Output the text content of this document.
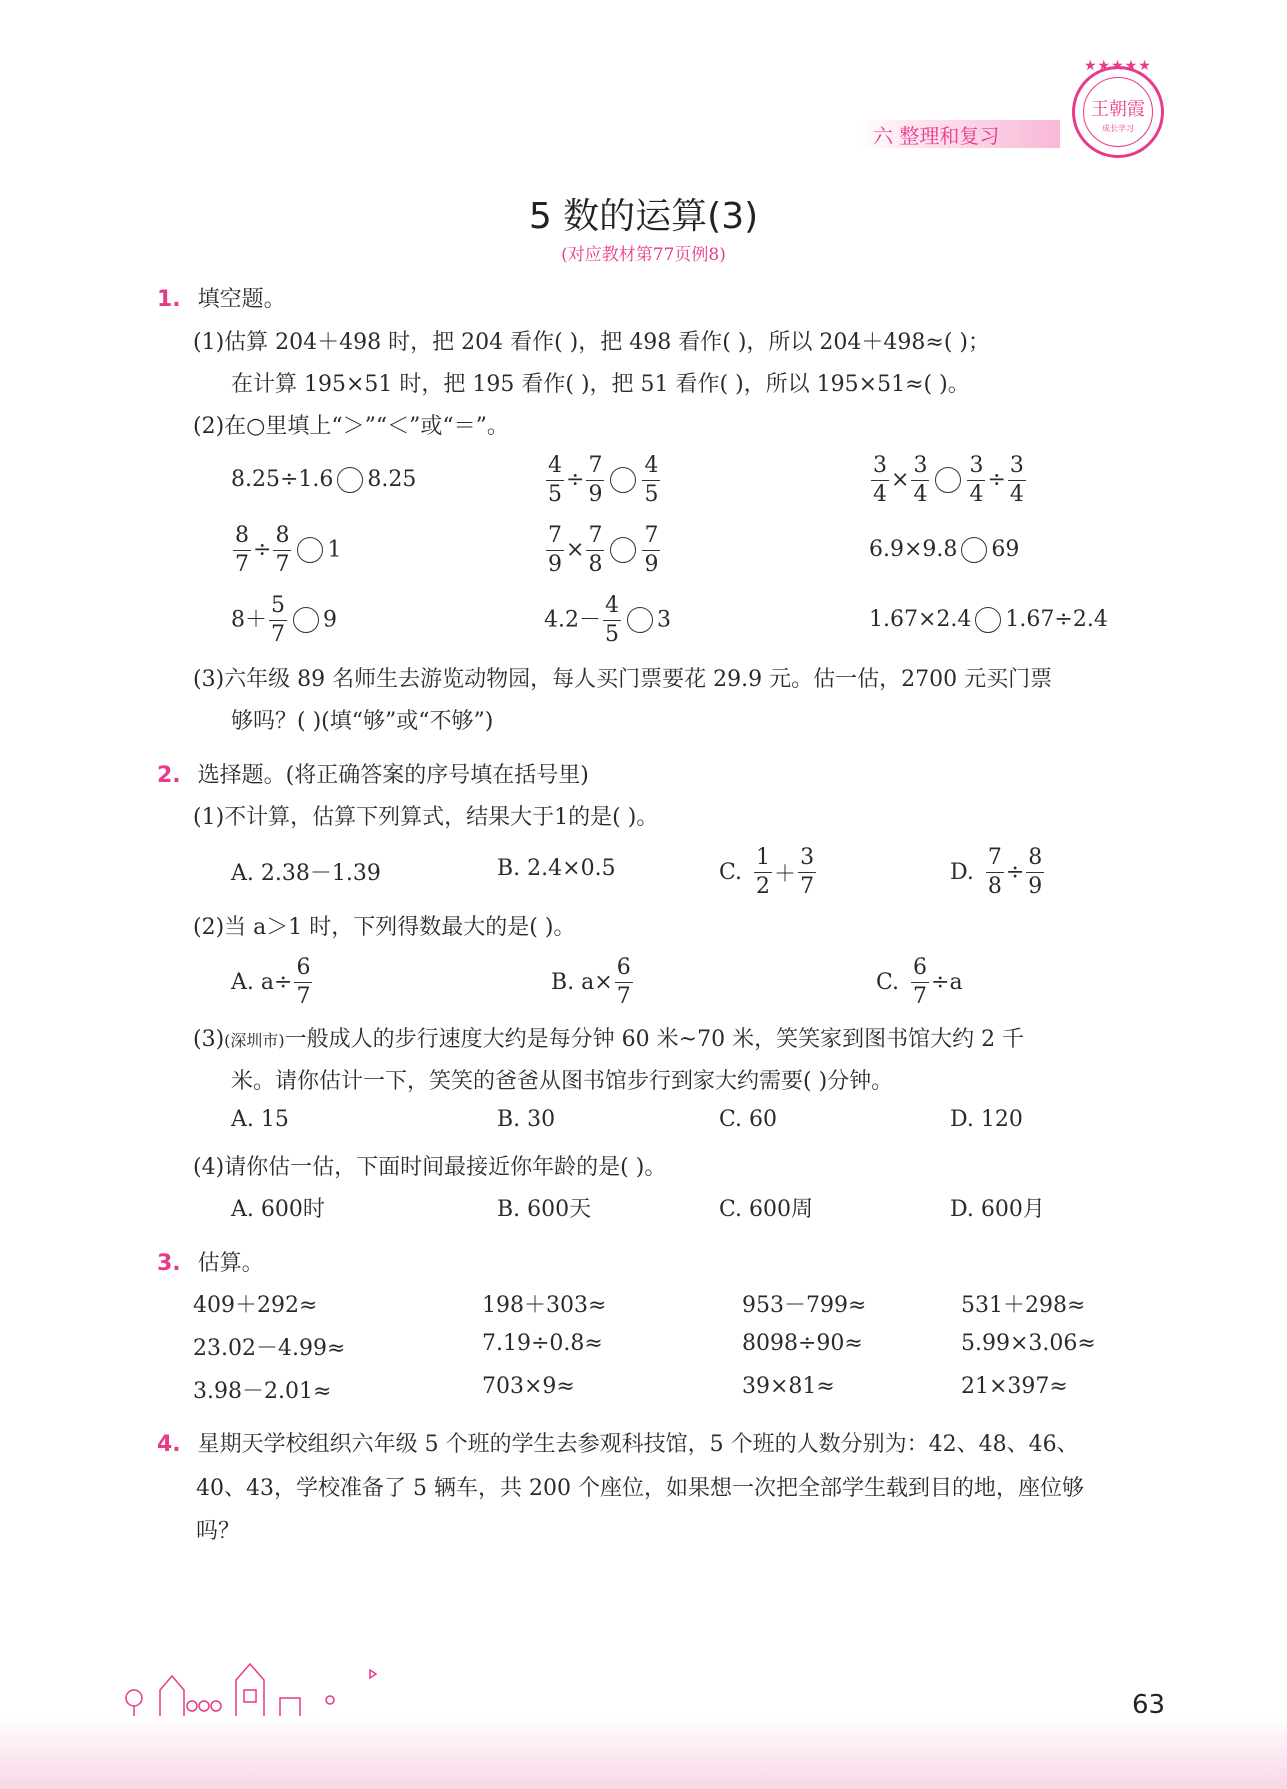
六 整理和复习
★★★★★
王朝霞
成长学习
5 数的运算(3)
(对应教材第77页例8)
1. 填空题。
(1)估算 204＋498 时，把 204 看作( )，把 498 看作( )，所以 204＋498≈( )；
在计算 195×51 时，把 195 看作( )，把 51 看作( )，所以 195×51≈( )。
(2)在○里填上“＞”“＜”或“＝”。
8.25÷1.6 8.25	$\frac{4}{5} \div \frac{7}{9} \frac{4}{5}$	$\frac{3}{4} \times \frac{3}{4} \frac{3}{4} \div \frac{3}{4}$
$\frac{8}{7} \div \frac{8}{7} 1$	$\frac{7}{9} \times \frac{7}{8} \frac{7}{9}$	6.9×9.8 69
$8+ \frac{5}{7} 9$	$4.2- \frac{4}{5} 3$	1.67×2.4 1.67÷2.4
(3)六年级 89 名师生去游览动物园，每人买门票要花 29.9 元。估一估，2700 元买门票
够吗？( )(填“够”或“不够”)
2. 选择题。(将正确答案的序号填在括号里)
(1)不计算，估算下列算式，结果大于1的是( )。
A. 2.38－1.39	B. 2.4×0.5	C. $\frac{1}{2} + \frac{3}{7}$	D. $\frac{7}{8} \div \frac{8}{9}$
(2)当 a＞1 时，下列得数最大的是( )。
A. $a\div \frac{6}{7}$	B. $a\times \frac{6}{7}$	C. $\frac{6}{7} \div a$
(3)(深圳市)一般成人的步行速度大约是每分钟 60 米~70 米，笑笑家到图书馆大约 2 千
米。请你估计一下，笑笑的爸爸从图书馆步行到家大约需要( )分钟。
A. 15	B. 30	C. 60	D. 120
(4)请你估一估，下面时间最接近你年龄的是( )。
A. 600时	B. 600天	C. 600周	D. 600月
3. 估算。
409＋292≈	198＋303≈	953－799≈	531＋298≈
23.02－4.99≈	7.19÷0.8≈	8098÷90≈	5.99×3.06≈
3.98－2.01≈	703×9≈	39×81≈	21×397≈
4. 星期天学校组织六年级 5 个班的学生去参观科技馆，5 个班的人数分别为：42、48、46、
40、43，学校准备了 5 辆车，共 200 个座位，如果想一次把全部学生载到目的地，座位够
吗？
63
